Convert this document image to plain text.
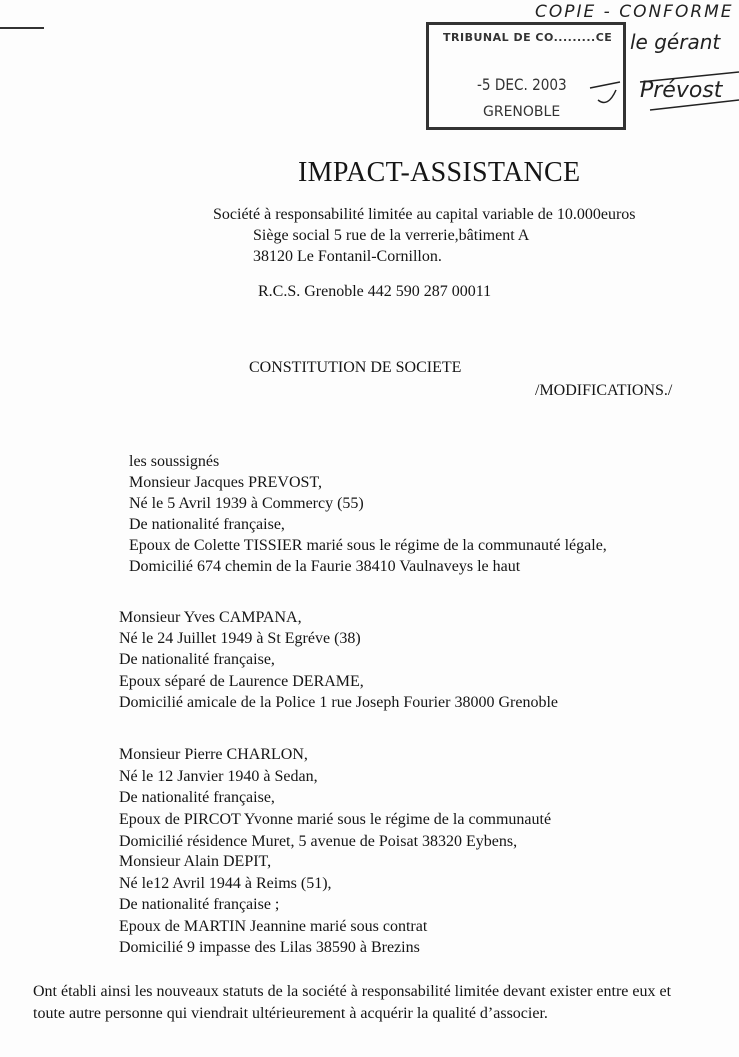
TRIBUNAL DE CO.........CE
-5 DEC. 2003
GRENOBLE
COPIE - CONFORME
le gérant
Prévost
IMPACT-ASSISTANCE
Société à responsabilité limitée au capital variable de 10.000euros
Siège social 5 rue de la verrerie,bâtiment A
38120 Le Fontanil-Cornillon.
R.C.S. Grenoble 442 590 287 00011
CONSTITUTION DE SOCIETE
/MODIFICATIONS./
les soussignés
Monsieur Jacques PREVOST,
Né le 5 Avril 1939 à Commercy (55)
De nationalité française,
Epoux de Colette TISSIER marié sous le régime de la communauté légale,
Domicilié 674 chemin de la Faurie 38410 Vaulnaveys le haut
Monsieur Yves CAMPANA,
Né le 24 Juillet 1949 à St Egréve (38)
De nationalité française,
Epoux séparé de Laurence DERAME,
Domicilié amicale de la Police 1 rue Joseph Fourier 38000 Grenoble
Monsieur Pierre CHARLON,
Né le 12 Janvier 1940 à Sedan,
De nationalité française,
Epoux de PIRCOT Yvonne marié sous le régime de la communauté
Domicilié résidence Muret, 5 avenue de Poisat 38320 Eybens,
Monsieur Alain DEPIT,
Né le12 Avril 1944 à Reims (51),
De nationalité française ;
Epoux de MARTIN Jeannine marié sous contrat
Domicilié 9 impasse des Lilas 38590 à Brezins
Ont établi ainsi les nouveaux statuts de la société à responsabilité limitée devant exister entre eux et
toute autre personne qui viendrait ultérieurement à acquérir la qualité d’associer.
